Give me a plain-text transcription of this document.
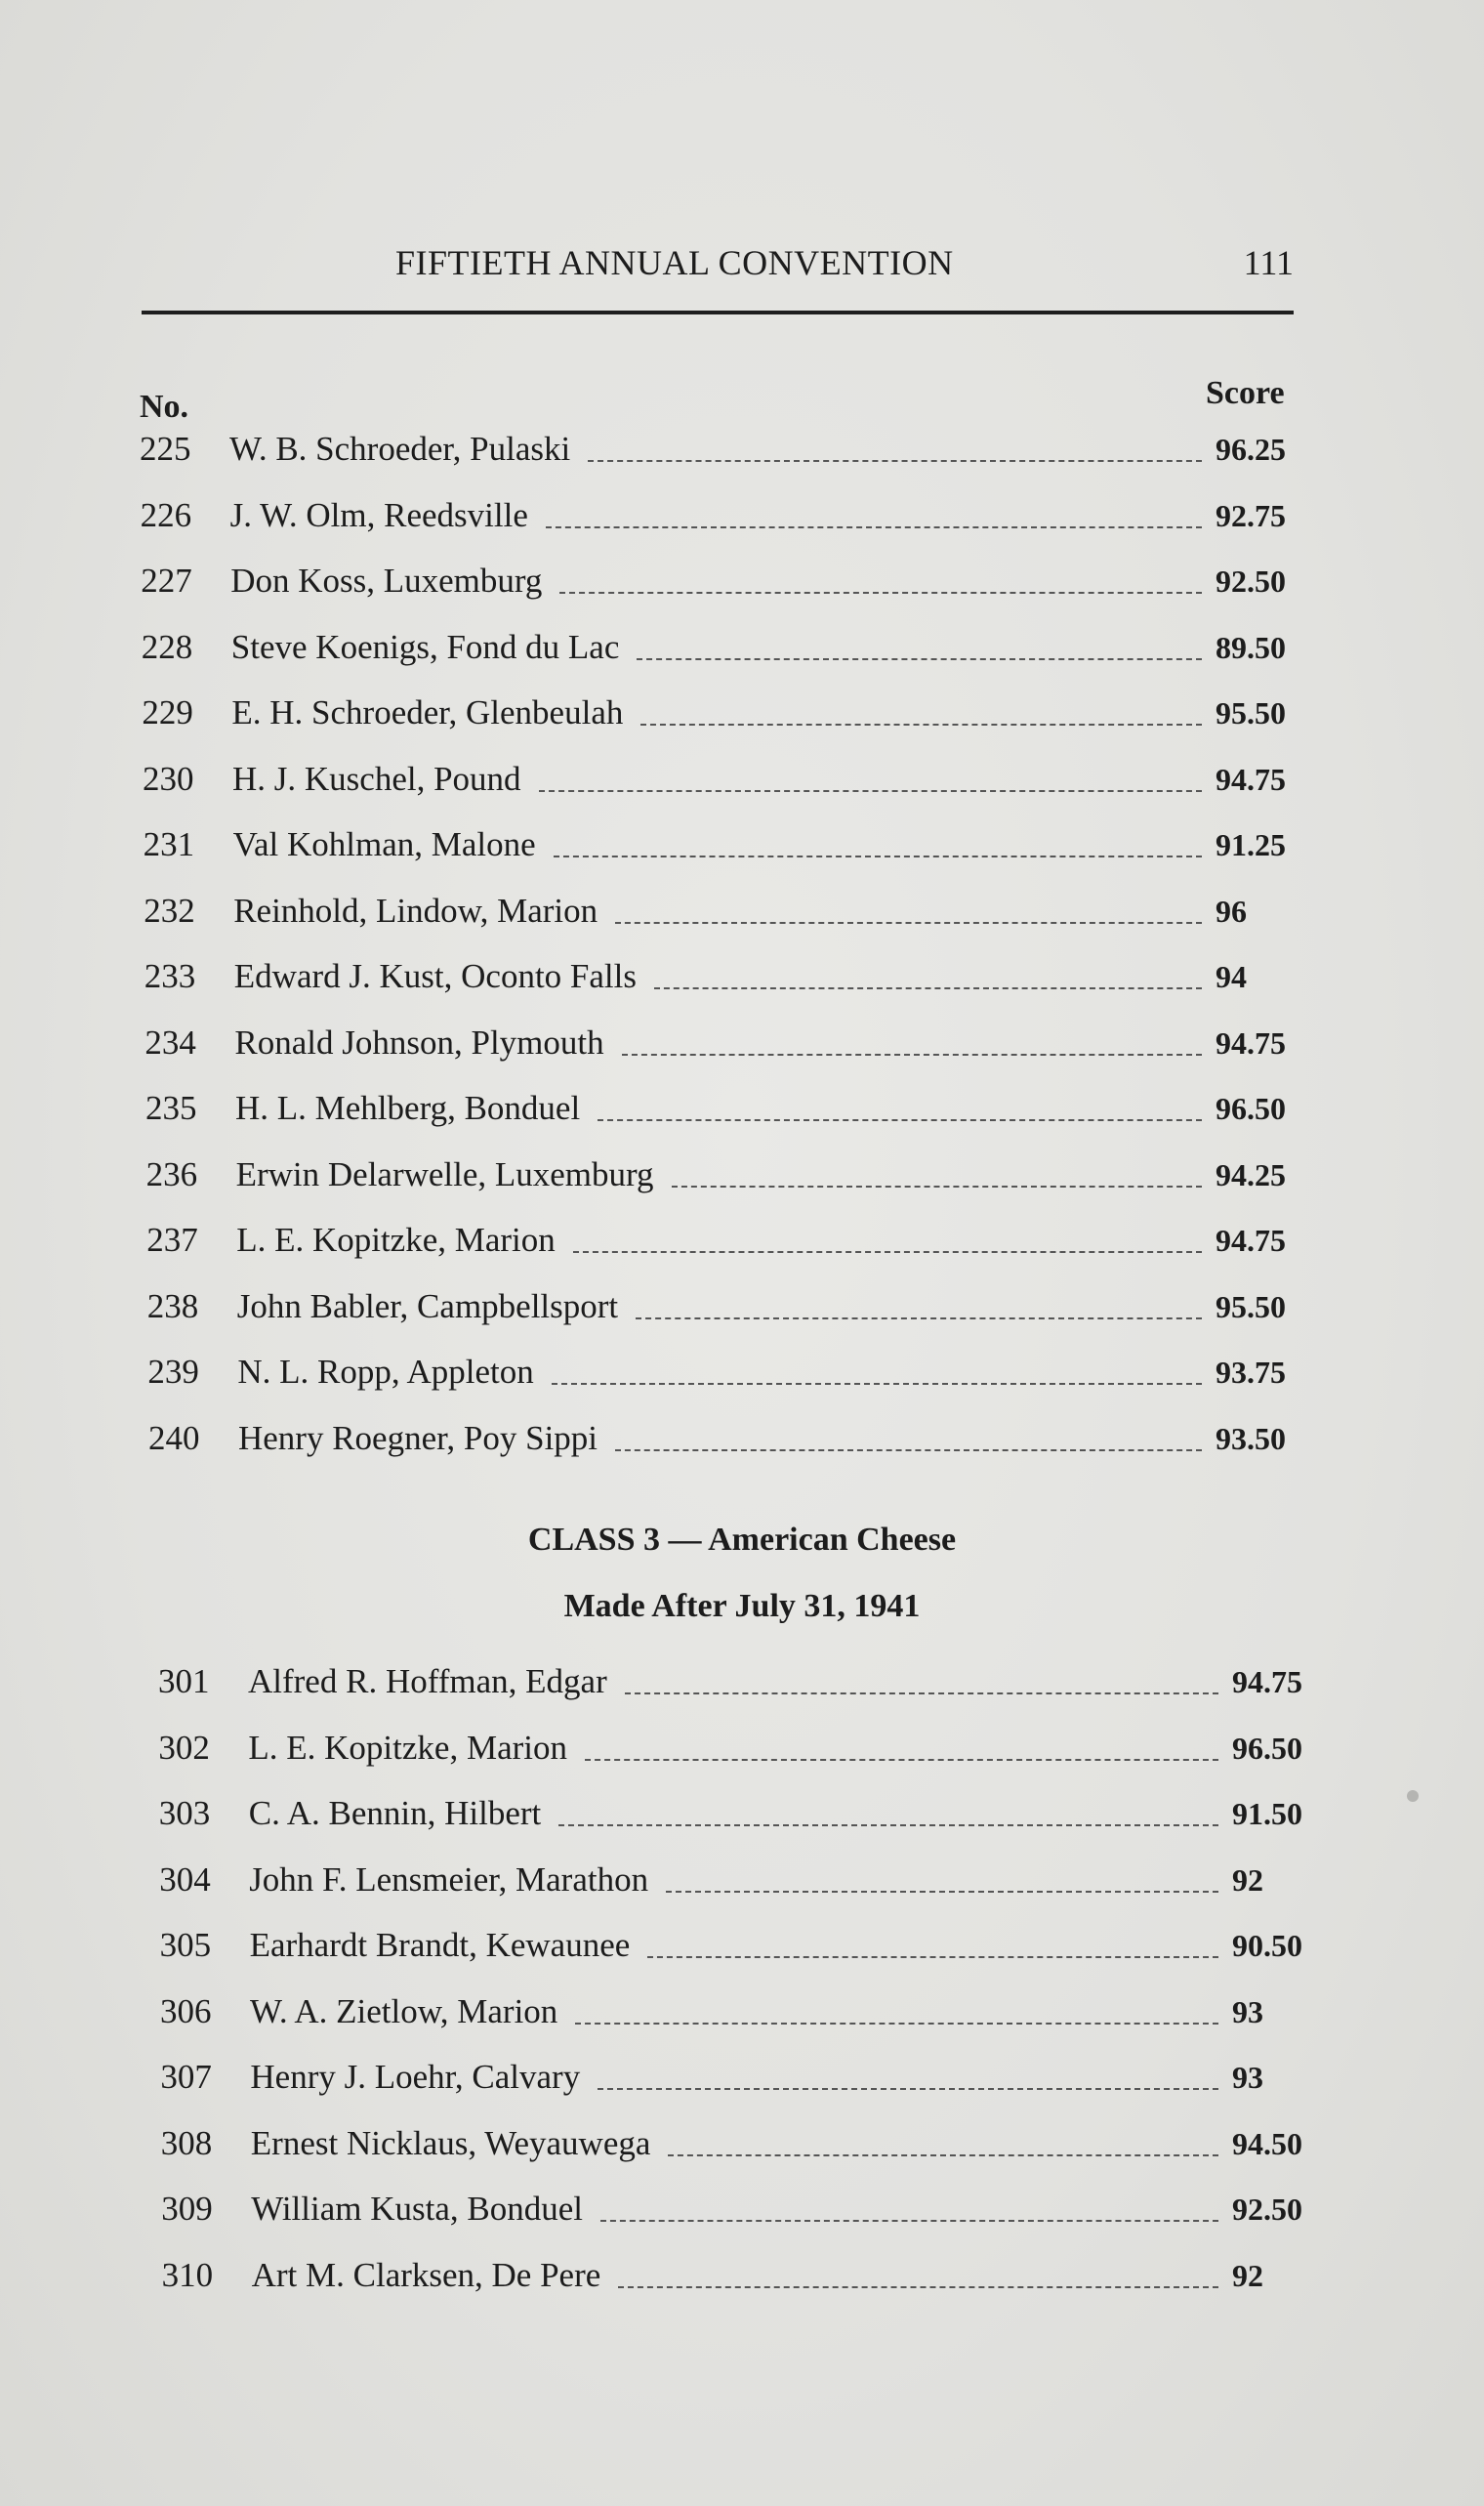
FIFTIETH ANNUAL CONVENTION	111
No.	Score
225	W. B. Schroeder, Pulaski	96.25
226	J. W. Olm, Reedsville	92.75
227	Don Koss, Luxemburg	92.50
228	Steve Koenigs, Fond du Lac	89.50
229	E. H. Schroeder, Glenbeulah	95.50
230	H. J. Kuschel, Pound	94.75
231	Val Kohlman, Malone	91.25
232	Reinhold, Lindow, Marion	96
233	Edward J. Kust, Oconto Falls	94
234	Ronald Johnson, Plymouth	94.75
235	H. L. Mehlberg, Bonduel	96.50
236	Erwin Delarwelle, Luxemburg	94.25
237	L. E. Kopitzke, Marion	94.75
238	John Babler, Campbellsport	95.50
239	N. L. Ropp, Appleton	93.75
240	Henry Roegner, Poy Sippi	93.50
CLASS 3 — American Cheese
Made After July 31, 1941
301	Alfred R. Hoffman, Edgar	94.75
302	L. E. Kopitzke, Marion	96.50
303	C. A. Bennin, Hilbert	91.50
304	John F. Lensmeier, Marathon	92
305	Earhardt Brandt, Kewaunee	90.50
306	W. A. Zietlow, Marion	93
307	Henry J. Loehr, Calvary	93
308	Ernest Nicklaus, Weyauwega	94.50
309	William Kusta, Bonduel	92.50
310	Art M. Clarksen, De Pere	92
